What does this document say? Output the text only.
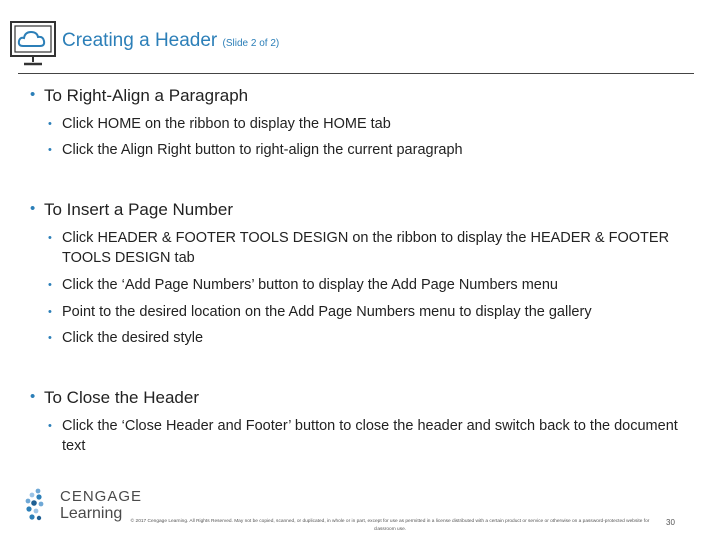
Creating a Header (Slide 2 of 2)
• To Right-Align a Paragraph
• Click HOME on the ribbon to display the HOME tab
• Click the Align Right button to right-align the current paragraph
• To Insert a Page Number
• Click HEADER & FOOTER TOOLS DESIGN on the ribbon to display the HEADER & FOOTER TOOLS DESIGN tab
• Click the ‘Add Page Numbers’ button to display the Add Page Numbers menu
• Point to the desired location on the Add Page Numbers menu to display the gallery
• Click the desired style
• To Close the Header
• Click the ‘Close Header and Footer’ button to close the header and switch back to the document text
CENGAGE
Learning	© 2017 Cengage Learning. All Rights Reserved. May not be copied, scanned, or duplicated, in whole or in part, except for use as permitted in a license distributed with a certain product or service or otherwise on a password-protected website for classroom use.
30
